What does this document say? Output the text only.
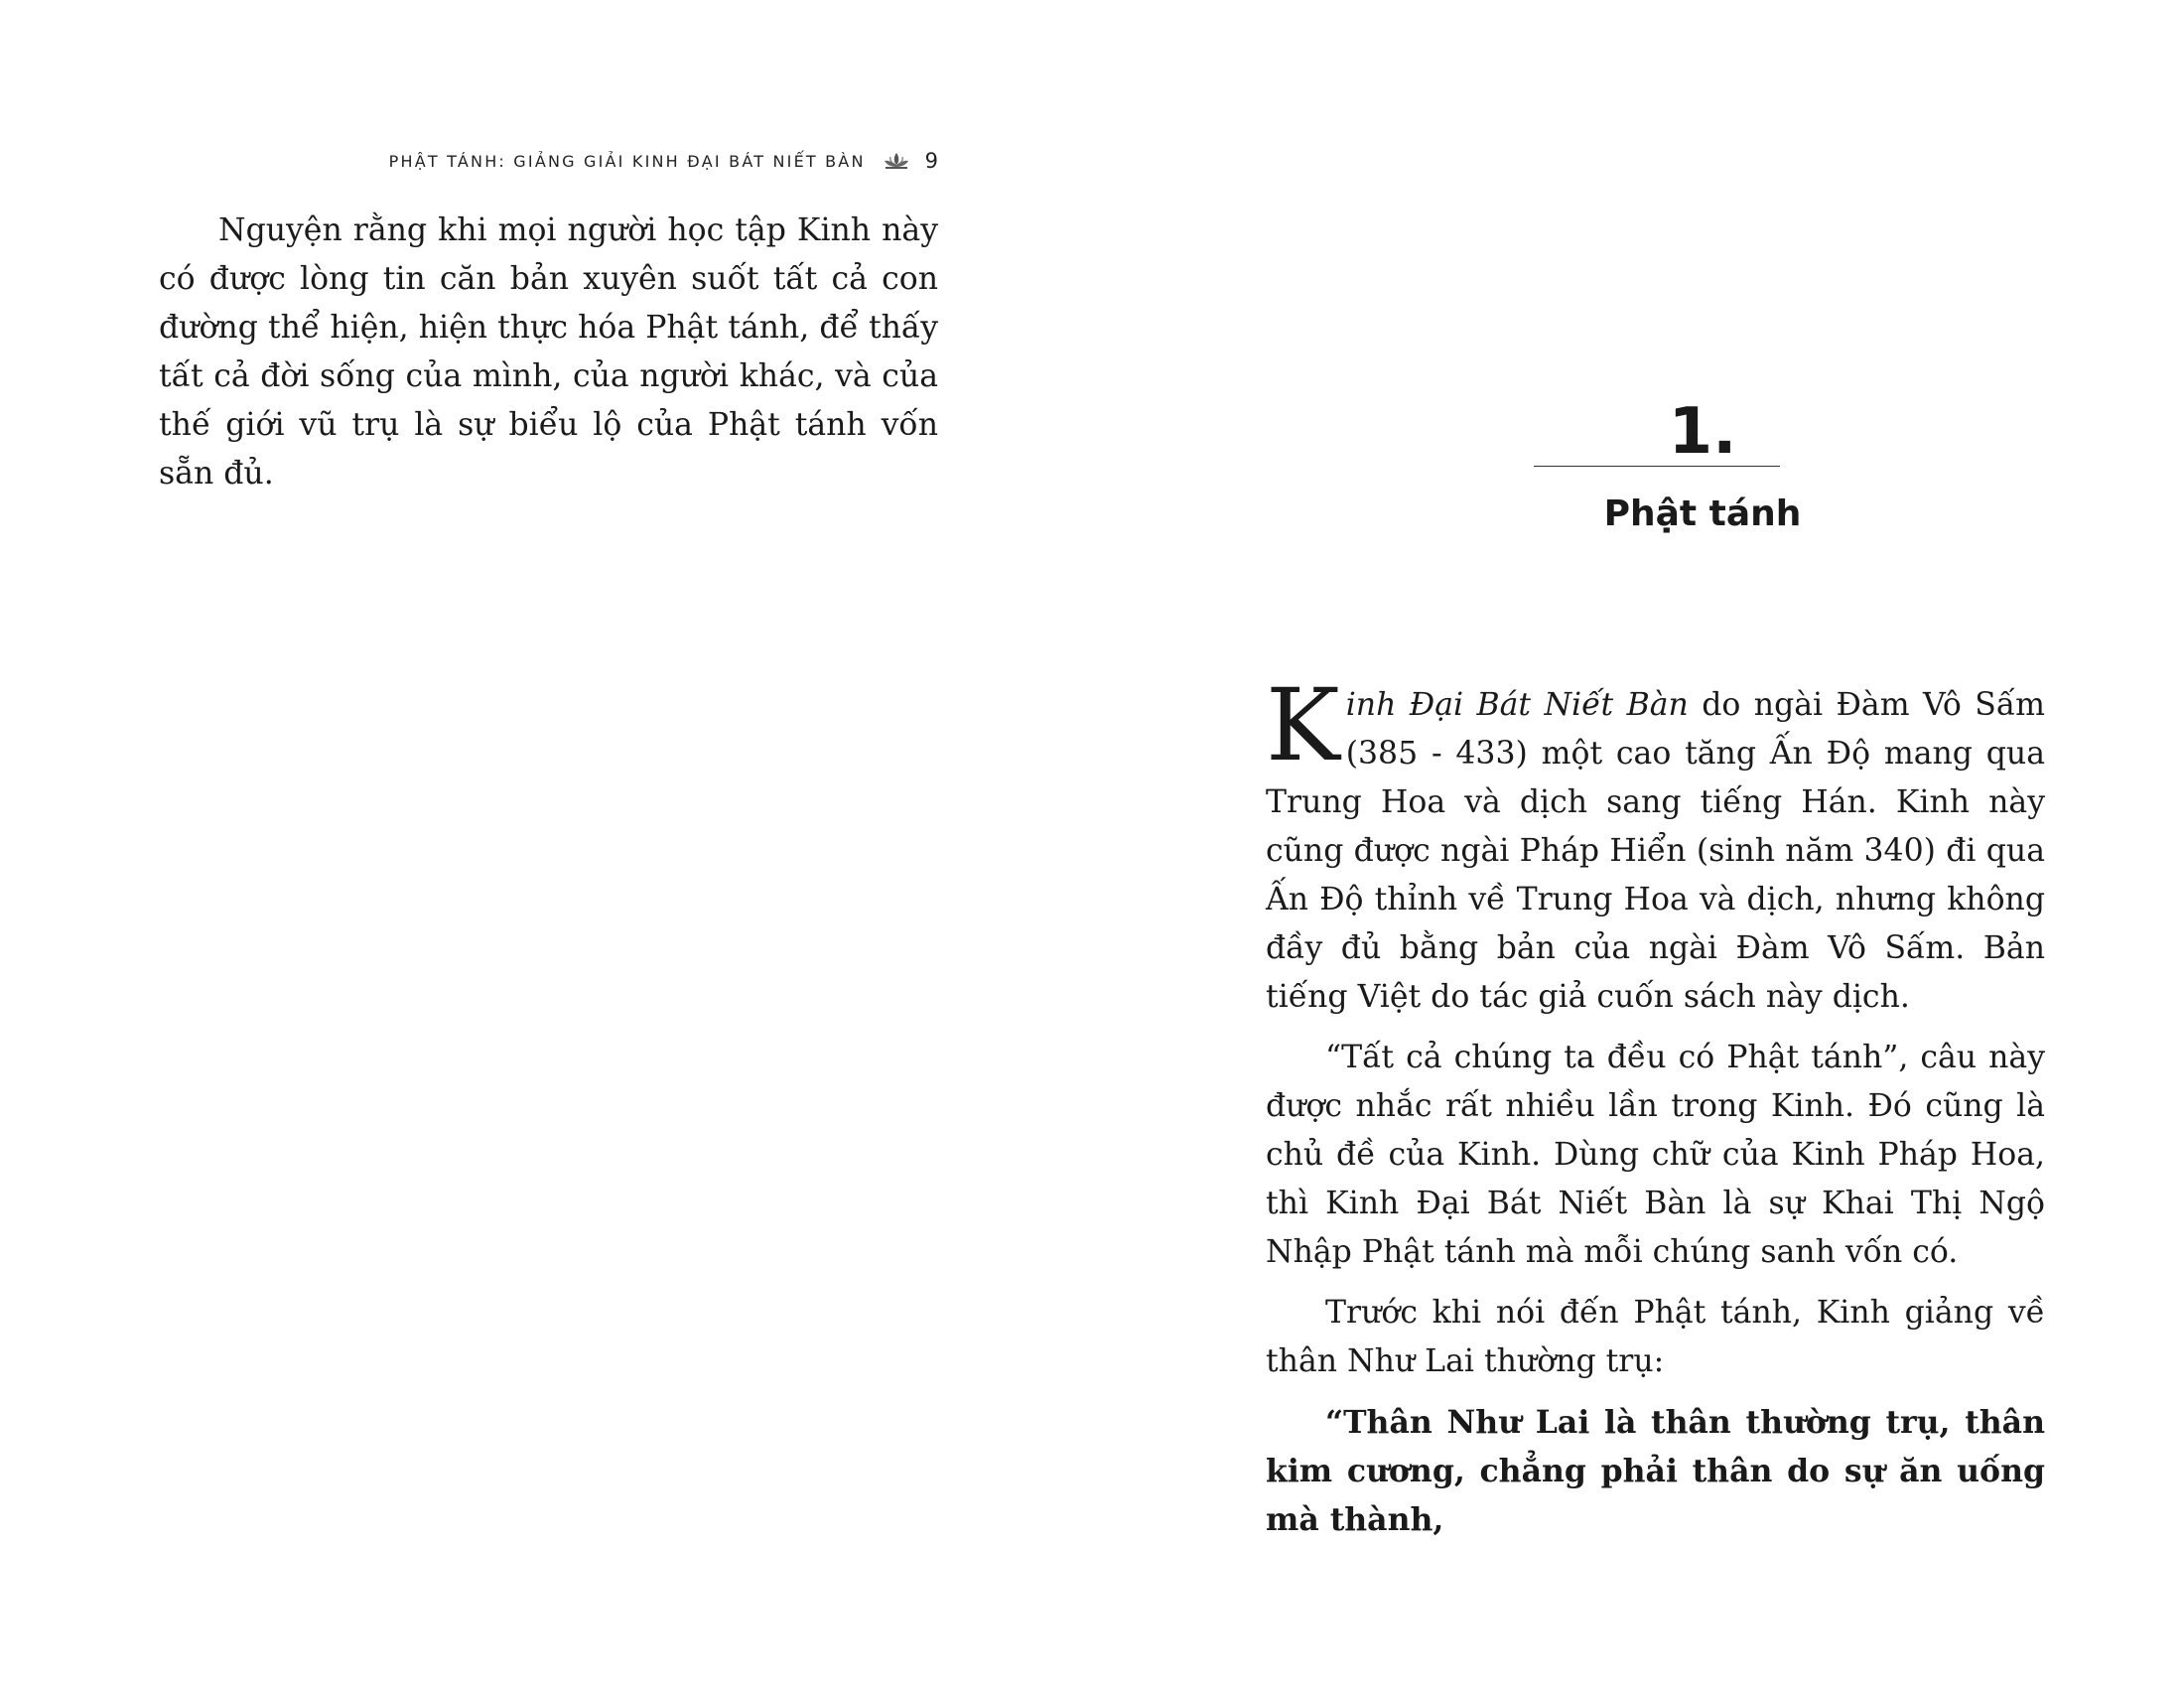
PHẬT TÁNH: GIẢNG GIẢI KINH ĐẠI BÁT NIẾT BÀN	9

Nguyện rằng khi mọi người học tập Kinh này có được lòng tin căn bản xuyên suốt tất cả con đường thể hiện, hiện thực hóa Phật tánh, để thấy tất cả đời sống của mình, của người khác, và của thế giới vũ trụ là sự biểu lộ của Phật tánh vốn sẵn đủ.

1.
Phật tánh

Kinh Đại Bát Niết Bàn do ngài Đàm Vô Sấm (385 - 433) một cao tăng Ấn Độ mang qua Trung Hoa và dịch sang tiếng Hán. Kinh này cũng được ngài Pháp Hiển (sinh năm 340) đi qua Ấn Độ thỉnh về Trung Hoa và dịch, nhưng không đầy đủ bằng bản của ngài Đàm Vô Sấm. Bản tiếng Việt do tác giả cuốn sách này dịch.

“Tất cả chúng ta đều có Phật tánh”, câu này được nhắc rất nhiều lần trong Kinh. Đó cũng là chủ đề của Kinh. Dùng chữ của Kinh Pháp Hoa, thì Kinh Đại Bát Niết Bàn là sự Khai Thị Ngộ Nhập Phật tánh mà mỗi chúng sanh vốn có.

Trước khi nói đến Phật tánh, Kinh giảng về thân Như Lai thường trụ:

“Thân Như Lai là thân thường trụ, thân kim cương, chẳng phải thân do sự ăn uống mà thành,
